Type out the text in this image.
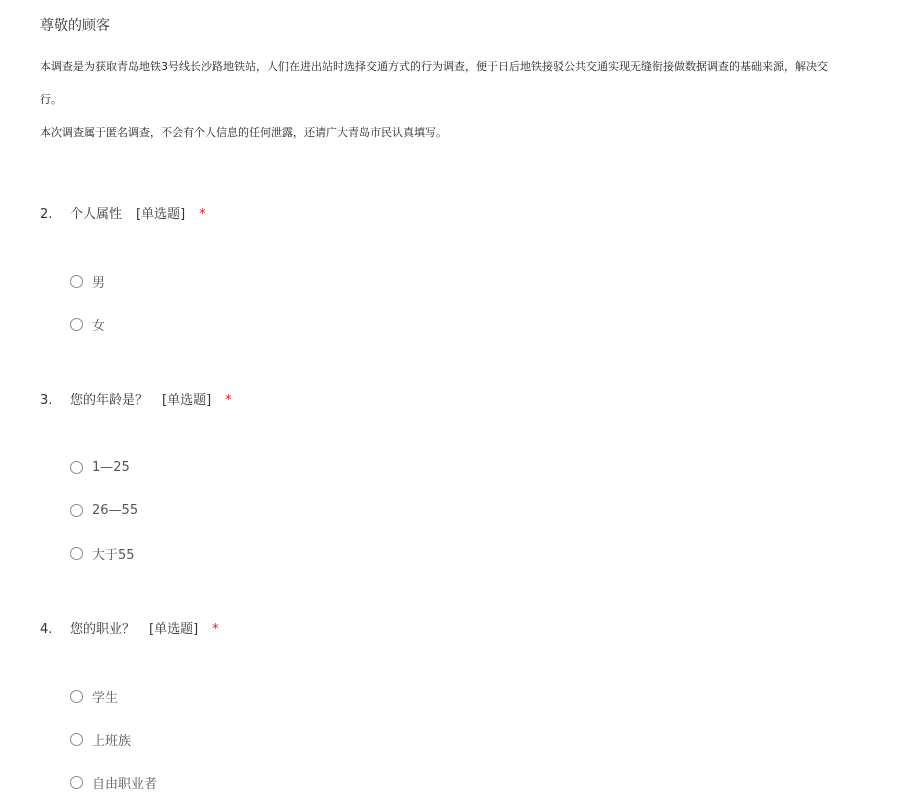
尊敬的顾客
本调查是为获取青岛地铁3号线长沙路地铁站，人们在进出站时选择交通方式的行为调查，便于日后地铁接驳公共交通实现无缝衔接做数据调查的基础来源，解决交
行。
本次调查属于匿名调查，不会有个人信息的任何泄露，还请广大青岛市民认真填写。
2. 个人属性 [单选题] *
男
女
3. 您的年龄是？ [单选题] *
1—25
26—55
大于55
4. 您的职业？ [单选题] *
学生
上班族
自由职业者
